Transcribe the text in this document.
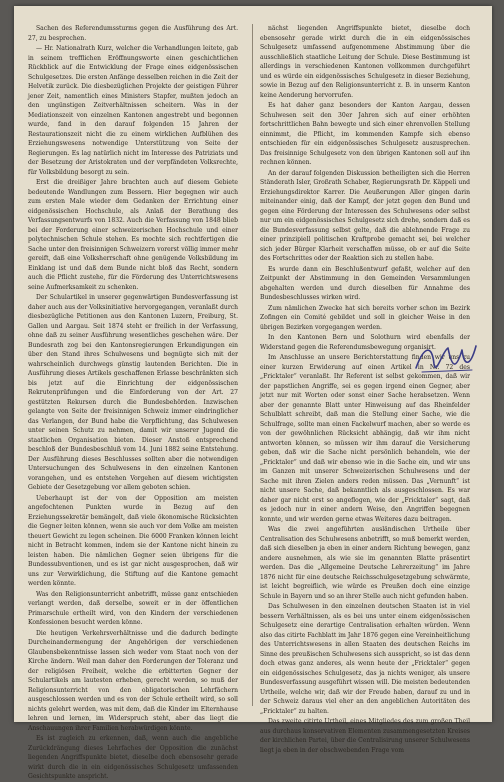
Sachen des Referendumssturms gegen die Ausführung des Art. 27, zu besprechen.

— Hr. Nationalrath Kurz, welcher die Verhandlungen leitete, gab in seinem trefflichen Eröffnungsworte einen geschichtlichen Rückblick auf die Entwicklung der Frage eines eidgenössischen Schulgesetzes. Die ersten Anfänge desselben reichen in die Zeit der Helvetik zurück. Die diesbezüglichen Projekte der geistigen Führer jener Zeit, namentlich eines Ministers Stapfer, mußten jedoch an den ungünstigen Zeitverhältnissen scheitern. Was in der Mediationszeit von einzelnen Kantonen angestrebt und begonnen wurde, fand in den darauf folgenden 15 Jahren der Restaurationszeit nicht die zu einem wirklichen Aufblühen des Erziehungswesens notwendige Unterstützung von Seite der Regierungen. Es lag natürlich nicht im Interesse des Patriziats und der Besetzung der Aristokraten und der verpfändeten Volksrechte, für Volksbildung besorgt zu sein.

Erst die dreißiger Jahre brachten auch auf diesem Gebiete bedeutende Wandlungen zum Bessern. Hier begegnen wir auch zum ersten Male wieder dem Gedanken der Errichtung einer eidgenössischen Hochschule, als Anlaß der Berathung des Verfassungsentwurfs von 1832. Auch die Verfassung von 1848 blieb bei der Forderung einer schweizerischen Hochschule und einer polytechnischen Schule stehen. Es mochte sich rechtfertigen die Sache unter den freisinnigen Schweizern vorerst völlig immer mehr gereift, daß eine Volksherrschaft ohne genügende Volksbildung im Einklang ist und daß dem Bunde nicht bloß das Recht, sondern auch die Pflicht zustehe, für die Förderung des Unterrichtswesens seine Aufmerksamkeit zu schenken.

Der Schulartikel in unserer gegenwärtigen Bundesverfassung ist daher auch aus der Volksinitiative hervorgegangen, veranlaßt durch diesbezügliche Petitionen aus den Kantonen Luzern, Freiburg, St. Gallen und Aargau. Seit 1874 steht er freilich in der Verfassung, ohne daß zu seiner Ausführung wesentliches geschehen wäre. Der Bundesrath zog bei den Kantonsregierungen Erkundigungen ein über den Stand ihres Schulwesens und begnügte sich mit der wahrscheinlich durchwegs günstig lautenden Berichten. Die in Ausführung dieses Artikels geschaffenen Erlasse beschränkten sich bis jetzt auf die Einrichtung der eidgenössischen Rekrutenprüfungen und die Einforderung von der Art. 27 gestützten Rekursen durch die Bundesbehörden. Inzwischen gelangte von Seite der freisinnigen Schweiz immer eindringlicher das Verlangen, der Bund habe die Verpflichtung, das Schulwesen unter seinen Schutz zu nehmen, damit wir unserer Jugend die staatlichen Organisation bieten. Dieser Anstoß entsprechend beschloß der Bundesbeschluß vom 14. Juni 1882 seine Entstehung. Der Ausführung dieses Beschlusses sollten aber die notwendigen Untersuchungen des Schulwesens in den einzelnen Kantonen vorangehen, und es entstehen Vorgehen auf diesem wichtigsten Gebiete der Gesetzgebung vor allem geboten schien.

Ueberhaupt ist der von der Opposition am meisten angefochtenen Punkten wurde in Bezug auf den Erziehungssekretär bemängelt, daß viele ökonomische Rücksichten die Gegner leiten können, wenn sie auch vor dem Volke am meisten theuert Gewicht zu legen scheinen. Die 6000 Franken können leicht nicht in Betracht kommen, indem sie der Kantone nicht hinein zu leisten haben. Die nämlichen Gegner seien übrigens für die Bundessubventionen, und es ist gar nicht ausgesprochen, daß wir uns zur Verwirklichung, die Stiftung auf die Kantone gemacht werden könnte.

Was den Religionsunterricht anbetrifft, müsse ganz entschieden verlangt werden, daß derselbe, soweit er in der öffentlichen Primarschule ertheilt wird, von den Kindern der verschiedenen Konfessionen besucht werden könne.

Die heutigen Verkehrsverhältnisse und die dadurch bedingte Durcheinandermengung der Angehörigen der verschiedenen Glaubensbekenntnisse lassen sich weder vom Staat noch von der Kirche ändern. Weil man daher den Forderungen der Toleranz und der religiösen Freiheit, welche die erbitterten Gegner der Schulartikels am lautesten erheben, gerecht werden, so muß der Religionsunterricht von den obligatorischen Lehrfächern ausgeschlossen werden und es von der Schule ertheilt wird, so soll nichts gelehrt werden, was mit dem, daß die Kinder im Elternhause lehren und lernen, im Widerspruch steht, aber das liegt die Anschauungen ihrer Familien herabwürdigen könnte.

Es ist zugleich zu erkennen, daß, wenn auch die angebliche Zurückdrängung dieses Lehrfaches der Opposition die zunächst liegenden Angriffspunkte bietet, dieselbe doch ebensosehr gerade wirkt durch die in ein eidgenössisches Schulgesetz umfassenden Gesichtspunkte anspricht.

nächst liegenden Angriffspunkte bietet, dieselbe doch ebensosehr gerade wirkt durch die in ein eidgenössisches Schulgesetz umfassend aufgenommene Abstimmung über die ausschließlich staatliche Leitung der Schule. Diese Bestimmung ist allerdings in verschiedenen Kantonen vollkommen durchgeführt und es würde ein eidgenössisches Schulgesetz in dieser Beziehung, sowie in Bezug auf den Religionsunterricht z. B. in unserm Kanton keine Aenderung hervorrufen.

Es hat daher ganz besonders der Kanton Aargau, dessen Schulwesen seit den 30er Jahren sich auf einer erhöhten fortschrittlichen Bahn bewegte und sich einer ehrenvollen Stellung einnimmt, die Pflicht, im kommenden Kampfe sich ebenso entschieden für ein eidgenössisches Schulgesetz auszusprechen. Das freisinnige Schulgesetz von den übrigen Kantonen soll auf ihn rechnen können.

An der darauf folgenden Diskussion betheiligten sich die Herren Ständerath Isler, Großrath Schaber, Regierungsrath Dr. Käppeli und Erziehungsdirektor Karrer. Die Aeußerungen Aller gingen darin miteinander einig, daß der Kampf, der jetzt gegen den Bund und gegen eine Förderung der Interessen des Schulwesens oder selbst nur um ein eidgenössisches Schulgesetz sich drehe, sondern daß es die Bundesverfassung selbst gelte, daß die ablehnende Frage zu einer prinzipiell politischen Kraftprobe gemacht sei, bei welcher sich jeder Bürger Klarheit verschaffen müsse, ob er auf die Seite des Fortschrittes oder der Reaktion sich zu stellen habe.

Es wurde dann ein Beschlußentwurf gefaßt, welcher auf den Zeitpunkt der Abstimmung in den Gemeinden Versammlungen abgehalten werden und durch dieselben für Annahme des Bundesbeschlusses wirken wird.

Zum nämlichen Zwecke hat sich bereits vorher schon im Bezirk Zofingen ein Comité gebildet und soll in gleicher Weise in den übrigen Bezirken vorgegangen werden.

In den Kantonen Bern und Solothurn wird ebenfalls der Widerstand gegen die Referendumsbewegung organisirt.

Im Anschlusse an unsere Berichterstattung finden wir uns zu einer kurzen Erwiderung auf einen Artikel in Nr. 72 des „Fricktaler“ veranlaßt. Ihr Referent ist selbst gekommen, daß wir der papstlichen Angriffe, sei es gegen irgend einen Gegner, aber jetzt nur mit Worten oder sonst einer Sache herabsetzen. Wenn aber der genannte Blatt unter Hinweisung auf das Rheinfelder Schulblatt schreibt, daß man die Stellung einer Sache, wie die Schulfrage, sollte man einen Fackelwurf machen, aber so werde es von der gewöhnlichen Rücksicht abhängig, daß wir ihm nicht antworten können, so müssen wir ihm darauf die Versicherung geben, daß wir die Sache nicht persönlich behandeln, wie der „Fricktaler“ und daß wir ebenso wie in die Sache ein, und wir uns im Ganzen mit unserer Schweizerischen Schulwesens und der Sache mit ihren Zielen anders reden müssen. Das „Vernunft“ ist nicht unsere Sache, daß bekanntlich als ausgeschlossen. Es war daher gar nicht erst so angeflogen, wie der „Fricktaler“ sagt, daß es jedoch nur in einer andern Weise, den Angriffen begegnen konnte, und wir werden gerne etwas Weiteres dazu beitragen.

Was die zwei angeführten ausländischen Urtheile über Centralisation des Schulwesens anbetrifft, so muß bemerkt werden, daß sich dieselben ja eben in einer andern Richtung bewegen, ganz andere ausnehmen, als wie sie im genannten Blatte präsentirt werden. Das die „Allgemeine Deutsche Lehrerzeitung“ im Jahre 1876 nicht für eine deutsche Reichsschulgesetzgebung schwärmte, ist leicht begreiflich, wie würde es Preußen doch eine einzige Schule in Bayern und so an ihrer Stelle auch nicht gefunden haben.

Das Schulwesen in den einzelnen deutschen Staaten ist in viel bessern Verhältnissen, als es bei uns unter einem eidgenössischen Schulgesetz eine derartige Centralisation erhalten würden. Wenn also das citirte Fachblatt im Jahr 1876 gegen eine Vereinheitlichung des Unterrichtswesens in allen Staaten des deutschen Reichs im Sinne des preußischen Schulwesens sich ausspricht, so ist das denn doch etwas ganz anderes, als wenn heute der „Fricktaler“ gegen ein eidgenössisches Schulgesetz, das ja nichts weniger, als unsere Bundesverfassung ausgeführt wissen will. Die meisten bedeutenden Urtheile, welche wir, daß wir der Freude haben, darauf zu und in der Schweiz daraus viel eher an den angeblichen Autoritäten des „Fricktaler“ zu halten.

Das zweite citirte Urtheil, eines Mitgliedes des zum großen Theil aus durchaus konservativen Elementen zusammengesetzten Kreises der kirchlichen Partei, über die Centralisirung unserer Schulwesens liegt ja eben in der obschwebenden Frage vom
